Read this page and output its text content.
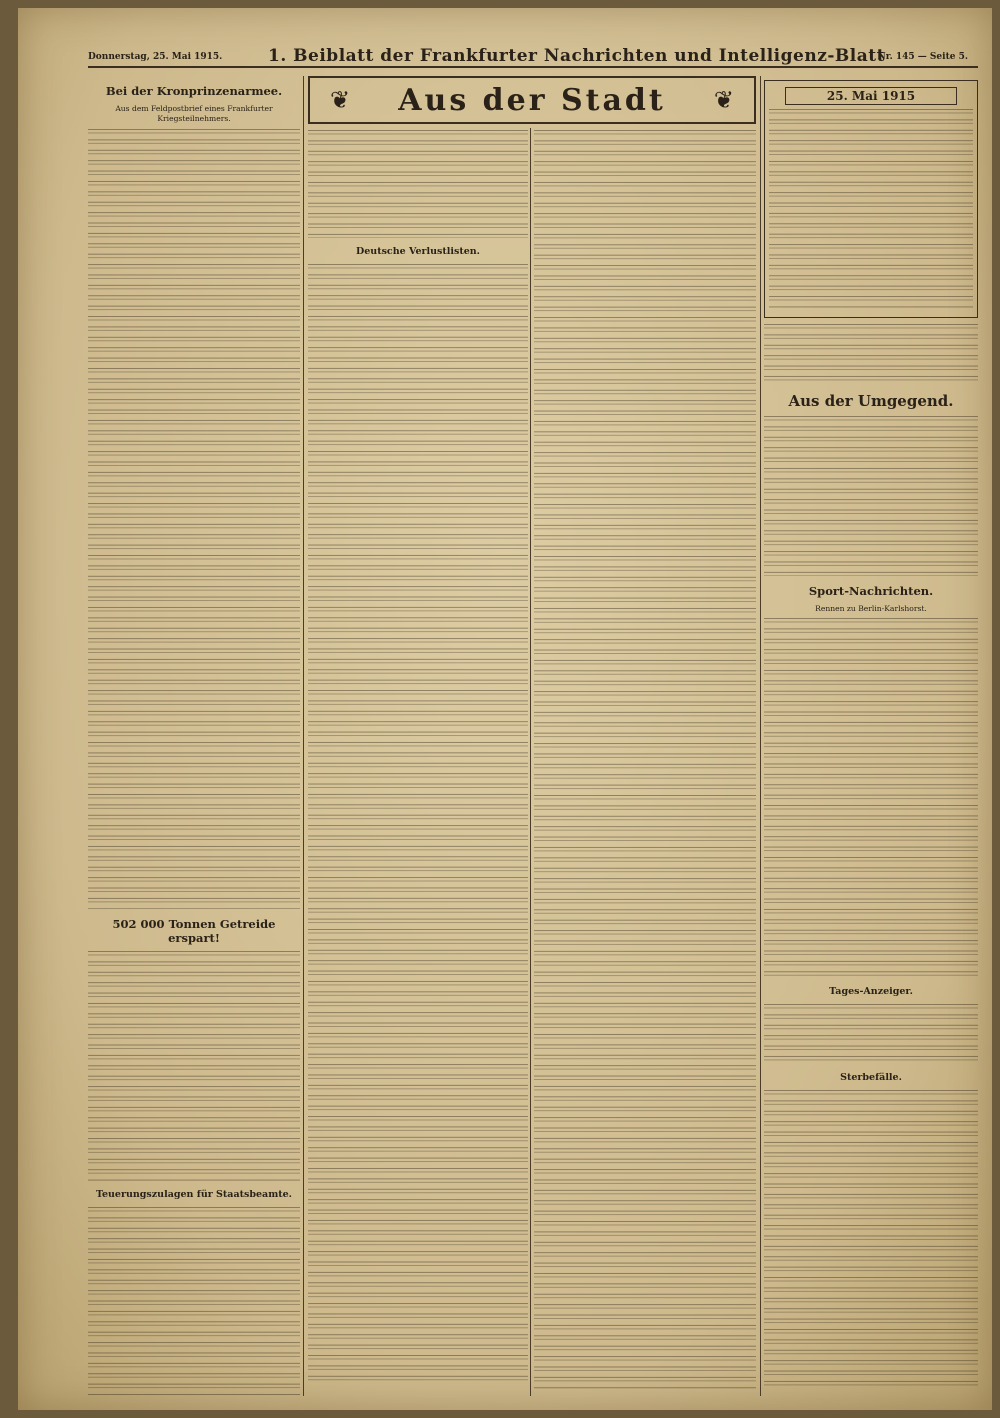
Donnerstag, 25. Mai 1915.	1. Beiblatt der Frankfurter Nachrichten und Intelligenz-Blatt
Nr. 145 — Seite 5.
Bei der Kronprinzenarmee.
Aus dem Feldpostbrief eines Frankfurter Kriegsteilnehmers.
502 000 Tonnen Getreide erspart!
Teuerungszulagen für Staatsbeamte.
❦ Aus der Stadt ❦
Deutsche Verlustlisten.
25. Mai 1915
Aus der Umgegend.
Sport-Nachrichten.
Rennen zu Berlin-Karlshorst.
Tages-Anzeiger.
Sterbefälle.
